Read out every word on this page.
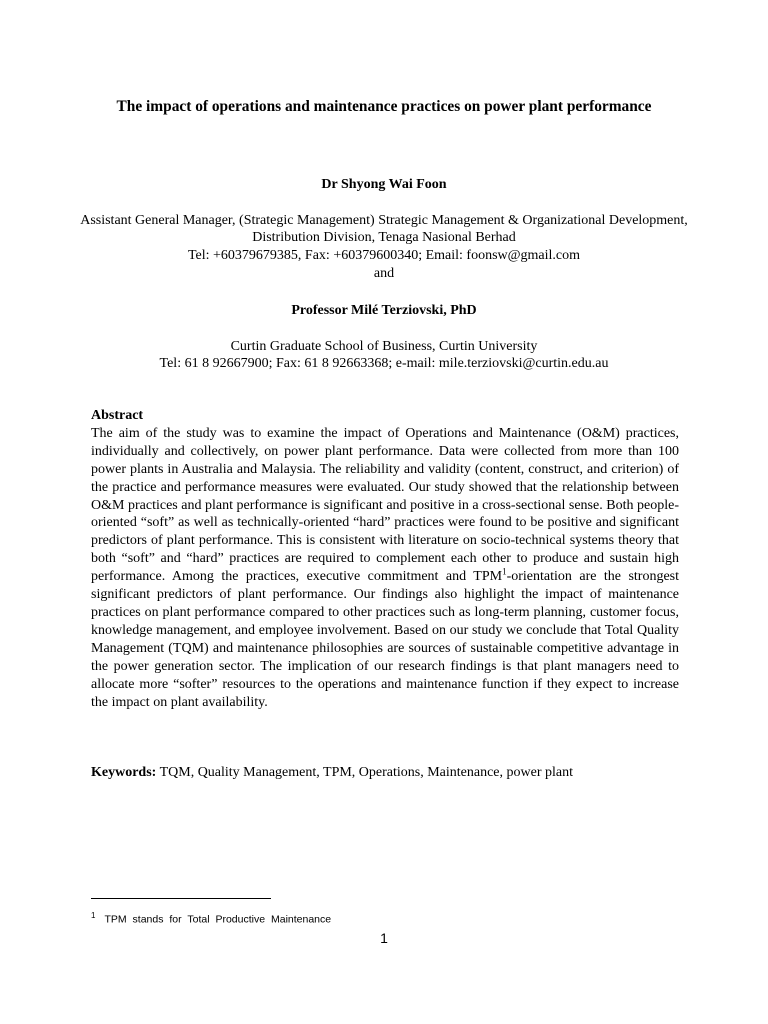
The impact of operations and maintenance practices on power plant performance
Dr Shyong Wai Foon
Assistant General Manager, (Strategic Management) Strategic Management & Organizational Development, Distribution Division, Tenaga Nasional Berhad
Tel: +60379679385, Fax: +60379600340; Email: foonsw@gmail.com
and
Professor Milé Terziovski, PhD
Curtin Graduate School of Business, Curtin University
Tel: 61 8 92667900; Fax: 61 8 92663368; e-mail: mile.terziovski@curtin.edu.au

Abstract

The aim of the study was to examine the impact of Operations and Maintenance (O&M) practices, individually and collectively, on power plant performance. Data were collected from more than 100 power plants in Australia and Malaysia. The reliability and validity (content, construct, and criterion) of the practice and performance measures were evaluated. Our study showed that the relationship between O&M practices and plant performance is significant and positive in a cross-sectional sense. Both people-oriented “soft” as well as technically-oriented “hard” practices were found to be positive and significant predictors of plant performance. This is consistent with literature on socio-technical systems theory that both “soft” and “hard” practices are required to complement each other to produce and sustain high performance. Among the practices, executive commitment and TPM$^1$-orientation are the strongest significant predictors of plant performance. Our findings also highlight the impact of maintenance practices on plant performance compared to other practices such as long-term planning, customer focus, knowledge management, and employee involvement. Based on our study we conclude that Total Quality Management (TQM) and maintenance philosophies are sources of sustainable competitive advantage in the power generation sector. The implication of our research findings is that plant managers need to allocate more “softer” resources to the operations and maintenance function if they expect to increase the impact on plant availability.

Keywords: TQM, Quality Management, TPM, Operations, Maintenance, power plant
$^1$ TPM stands for Total Productive Maintenance
1
